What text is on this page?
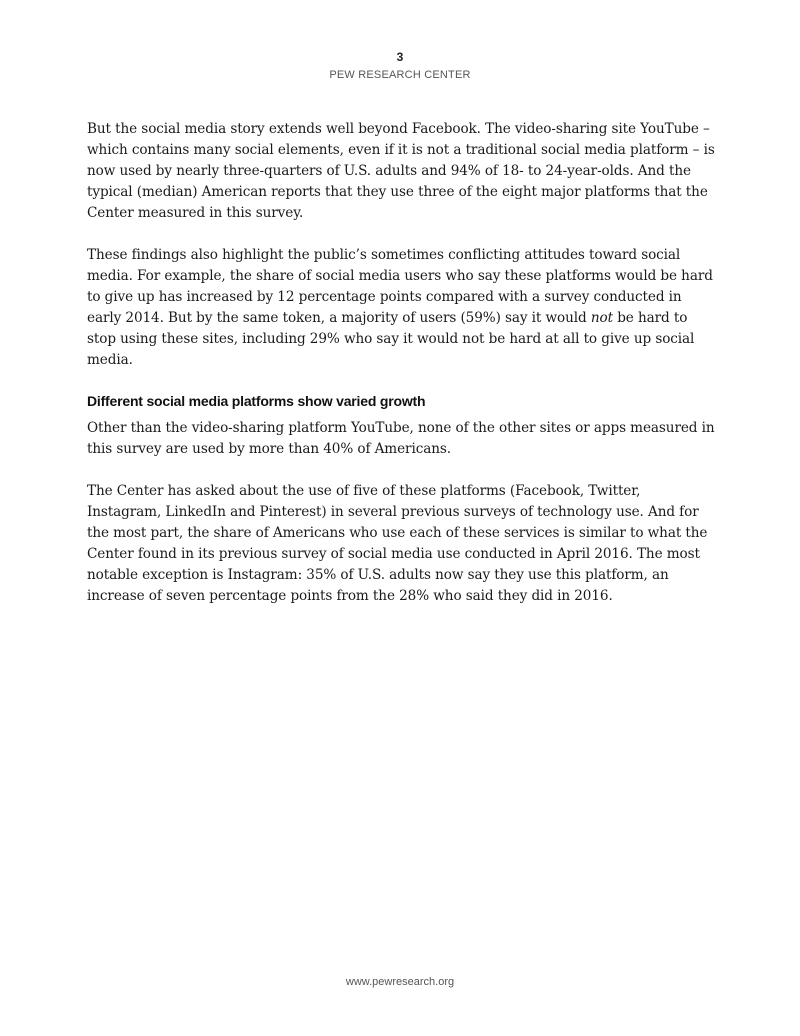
3
PEW RESEARCH CENTER

But the social media story extends well beyond Facebook. The video-sharing site YouTube – which contains many social elements, even if it is not a traditional social media platform – is now used by nearly three-quarters of U.S. adults and 94% of 18- to 24-year-olds. And the typical (median) American reports that they use three of the eight major platforms that the Center measured in this survey.

These findings also highlight the public’s sometimes conflicting attitudes toward social media. For example, the share of social media users who say these platforms would be hard to give up has increased by 12 percentage points compared with a survey conducted in early 2014. But by the same token, a majority of users (59%) say it would not be hard to stop using these sites, including 29% who say it would not be hard at all to give up social media.

Different social media platforms show varied growth

Other than the video-sharing platform YouTube, none of the other sites or apps measured in this survey are used by more than 40% of Americans.

The Center has asked about the use of five of these platforms (Facebook, Twitter, Instagram, LinkedIn and Pinterest) in several previous surveys of technology use. And for the most part, the share of Americans who use each of these services is similar to what the Center found in its previous survey of social media use conducted in April 2016. The most notable exception is Instagram: 35% of U.S. adults now say they use this platform, an increase of seven percentage points from the 28% who said they did in 2016.

www.pewresearch.org
